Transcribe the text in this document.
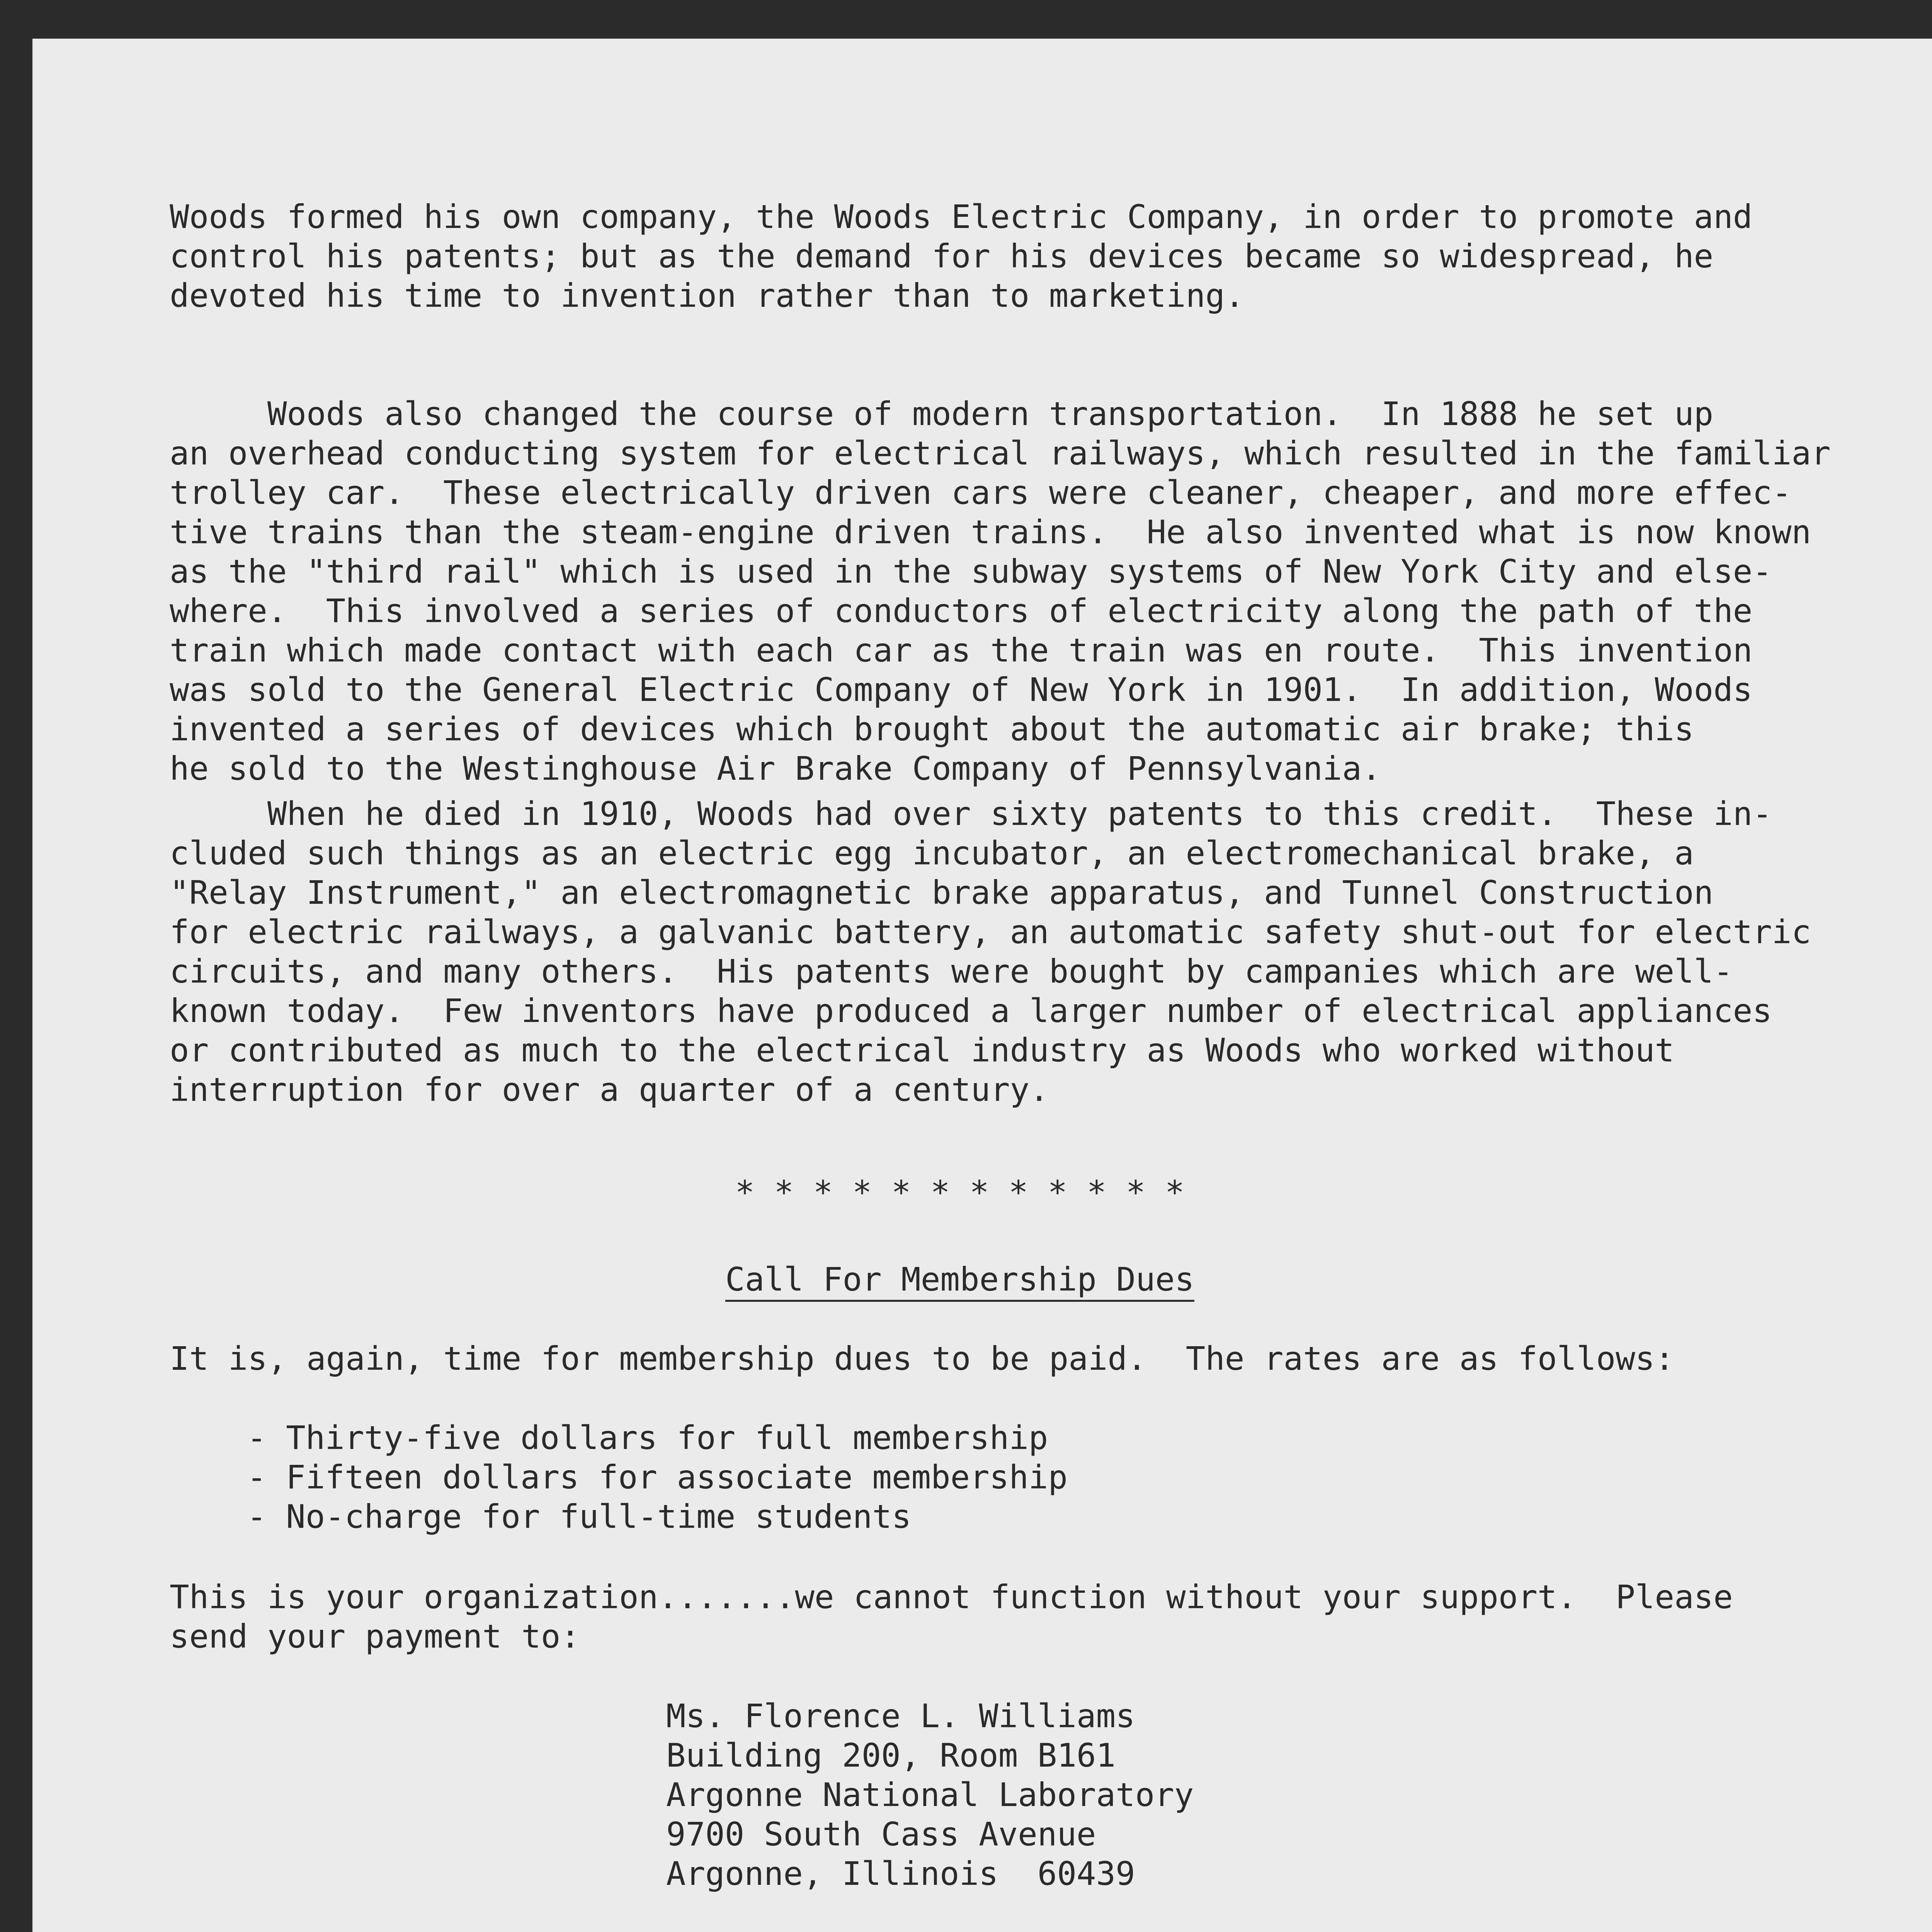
Woods formed his own company, the Woods Electric Company, in order to promote and
control his patents; but as the demand for his devices became so widespread, he
devoted his time to invention rather than to marketing.

Woods also changed the course of modern transportation.  In 1888 he set up
an overhead conducting system for electrical railways, which resulted in the familiar
trolley car.  These electrically driven cars were cleaner, cheaper, and more effec-
tive trains than the steam-engine driven trains.  He also invented what is now known
as the "third rail" which is used in the subway systems of New York City and else-
where.  This involved a series of conductors of electricity along the path of the
train which made contact with each car as the train was en route.  This invention
was sold to the General Electric Company of New York in 1901.  In addition, Woods
invented a series of devices which brought about the automatic air brake; this
he sold to the Westinghouse Air Brake Company of Pennsylvania.

When he died in 1910, Woods had over sixty patents to this credit.  These in-
cluded such things as an electric egg incubator, an electromechanical brake, a
"Relay Instrument," an electromagnetic brake apparatus, and Tunnel Construction
for electric railways, a galvanic battery, an automatic safety shut-out for electric
circuits, and many others.  His patents were bought by campanies which are well-
known today.  Few inventors have produced a larger number of electrical appliances
or contributed as much to the electrical industry as Woods who worked without
interruption for over a quarter of a century.

* * * * * * * * * * * *

Call For Membership Dues

It is, again, time for membership dues to be paid.  The rates are as follows:

- Thirty-five dollars for full membership

- Fifteen dollars for associate membership

- No-charge for full-time students

This is your organization.......we cannot function without your support.  Please
send your payment to:

Ms. Florence L. Williams

Building 200, Room B161

Argonne National Laboratory

9700 South Cass Avenue

Argonne, Illinois  60439
